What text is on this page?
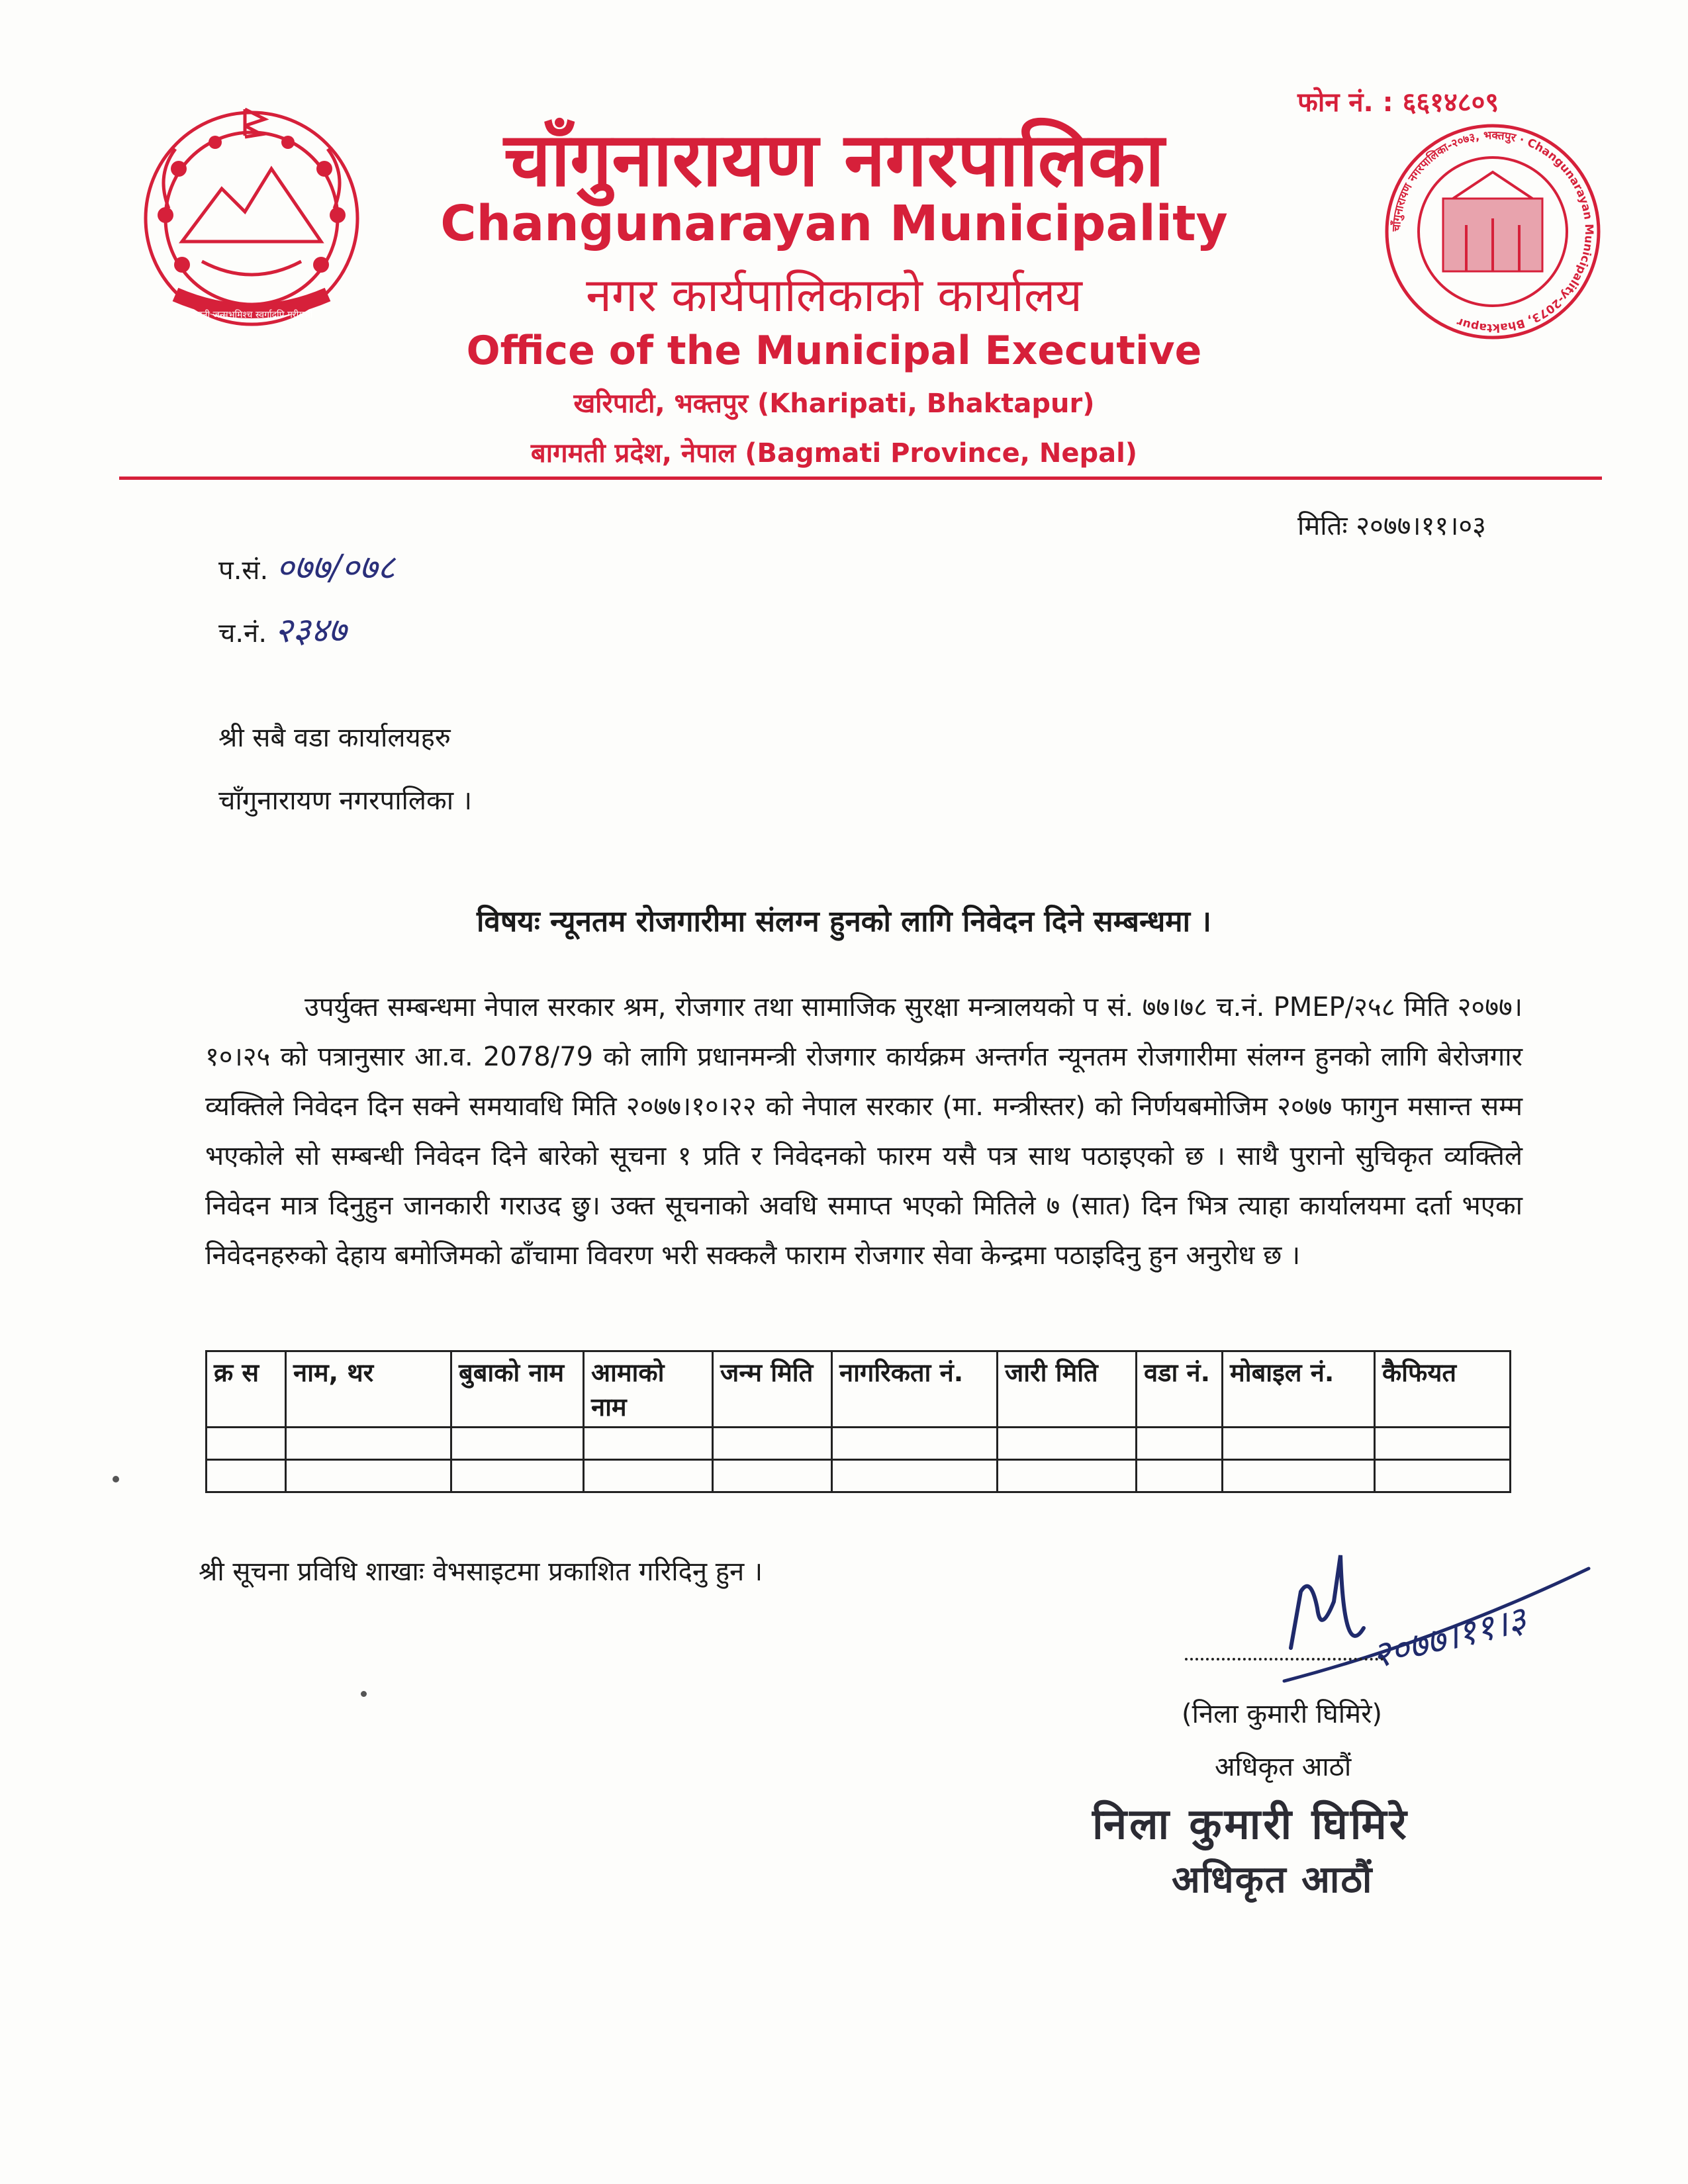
जननी जन्मभूमिश्च स्वर्गादपि गरीयसी
चाँगुनारायण नगरपालिका-२०७३, भक्तपुर · Changunarayan Municipality-2073, Bhaktapur
फोन नं. : ६६१४८०९
चाँगुनारायण नगरपालिका
Changunarayan Municipality
नगर कार्यपालिकाको कार्यालय
Office of the Municipal Executive
खरिपाटी, भक्तपुर (Kharipati, Bhaktapur)
बागमती प्रदेश, नेपाल (Bagmati Province, Nepal)
मितिः २०७७।११।०३
प.सं. ०७७/०७८
च.नं. २३४७
श्री सबै वडा कार्यालयहरु
चाँगुनारायण नगरपालिका ।
विषयः न्यूनतम रोजगारीमा संलग्न हुनको लागि निवेदन दिने सम्बन्धमा ।
उपर्युक्त सम्बन्धमा नेपाल सरकार श्रम, रोजगार तथा सामाजिक सुरक्षा मन्त्रालयको प सं. ७७।७८ च.नं. PMEP/२५८ मिति २०७७।१०।२५ को पत्रानुसार आ.व. 2078/79 को लागि प्रधानमन्त्री रोजगार कार्यक्रम अन्तर्गत न्यूनतम रोजगारीमा संलग्न हुनको लागि बेरोजगार व्यक्तिले निवेदन दिन सक्ने समयावधि मिति २०७७।१०।२२ को नेपाल सरकार (मा. मन्त्रीस्तर) को निर्णयबमोजिम २०७७ फागुन मसान्त सम्म भएकोले सो सम्बन्धी निवेदन दिने बारेको सूचना १ प्रति र निवेदनको फारम यसै पत्र साथ पठाइएको छ । साथै पुरानो सुचिकृत व्यक्तिले निवेदन मात्र दिनुहुन जानकारी गराउद छु। उक्त सूचनाको अवधि समाप्त भएको मितिले ७ (सात) दिन भित्र त्याहा कार्यालयमा दर्ता भएका निवेदनहरुको देहाय बमोजिमको ढाँचामा विवरण भरी सक्कलै फाराम रोजगार सेवा केन्द्रमा पठाइदिनु हुन अनुरोध छ ।
क्र स	नाम, थर	बुबाको नाम	आमाको नाम	जन्म मिति	नागरिकता नं.	जारी मिति	वडा नं.	मोबाइल नं.	कैफियत

श्री सूचना प्रविधि शाखाः वेभसाइटमा प्रकाशित गरिदिनु हुन ।
२०७७।११।३
(निला कुमारी घिमिरे)
अधिकृत आठौं
निला कुमारी घिमिरे
अधिकृत आठौं
